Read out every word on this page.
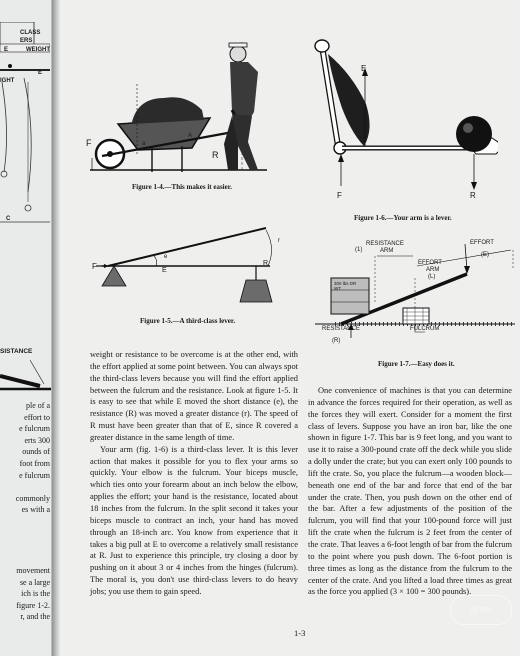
CLASS
ERS
E	WEIGHT
E
IGHT
C
SISTANCE
ple of a
effort to
e fulcrum
erts 300
ounds of
foot from
e fulcrum
commonly
es with a
movement
se a large
ich is the
figure 1-2.
r, and the
F
R
a
A
Figure 1-4.—This makes it easier.
F
e
E
R
r
Figure 1-5.—A third-class lever.
E
F	R
Figure 1-6.—Your arm is a lever.
RESISTANCE
ARM
(1)
EFFORT
ARM
(L)
EFFORT
(E)
RESISTANCE
(R)
FULCRUM
300 lbs DR WT.
Figure 1-7.—Easy does it.

weight or resistance to be overcome is at the other end, with the effort applied at some point between. You can always spot the third-class levers because you will find the effort applied between the fulcrum and the resistance. Look at figure 1-5. It is easy to see that while E moved the short distance (e), the resistance (R) was moved a greater distance (r). The speed of R must have been greater than that of E, since R covered a greater distance in the same length of time.

Your arm (fig. 1-6) is a third-class lever. It is this lever action that makes it possible for you to flex your arms so quickly. Your elbow is the fulcrum. Your biceps muscle, which ties onto your forearm about an inch below the elbow, applies the effort; your hand is the resistance, located about 18 inches from the fulcrum. In the split second it takes your biceps muscle to contract an inch, your hand has moved through an 18-inch arc. You know from experience that it takes a big pull at E to overcome a relatively small resistance at R. Just to experience this principle, try closing a door by pushing on it about 3 or 4 inches from the hinges (fulcrum). The moral is, you don't use third-class levers to do heavy jobs; you use them to gain speed.

One convenience of machines is that you can determine in advance the forces required for their operation, as well as the forces they will exert. Consider for a moment the first class of levers. Suppose you have an iron bar, like the one shown in figure 1-7. This bar is 9 feet long, and you want to use it to raise a 300-pound crate off the deck while you slide a dolly under the crate; but you can exert only 100 pounds to lift the crate. So, you place the fulcrum—a wooden block—beneath one end of the bar and force that end of the bar under the crate. Then, you push down on the other end of the bar. After a few adjustments of the position of the fulcrum, you will find that your 100-pound force will just lift the crate when the fulcrum is 2 feet from the center of the crate. That leaves a 6-foot length of bar from the fulcrum to the point where you push down. The 6-foot portion is three times as long as the distance from the fulcrum to the center of the crate. And you lifted a load three times as great as the force you applied (3 × 100 = 300 pounds).

1-3
图书馆
